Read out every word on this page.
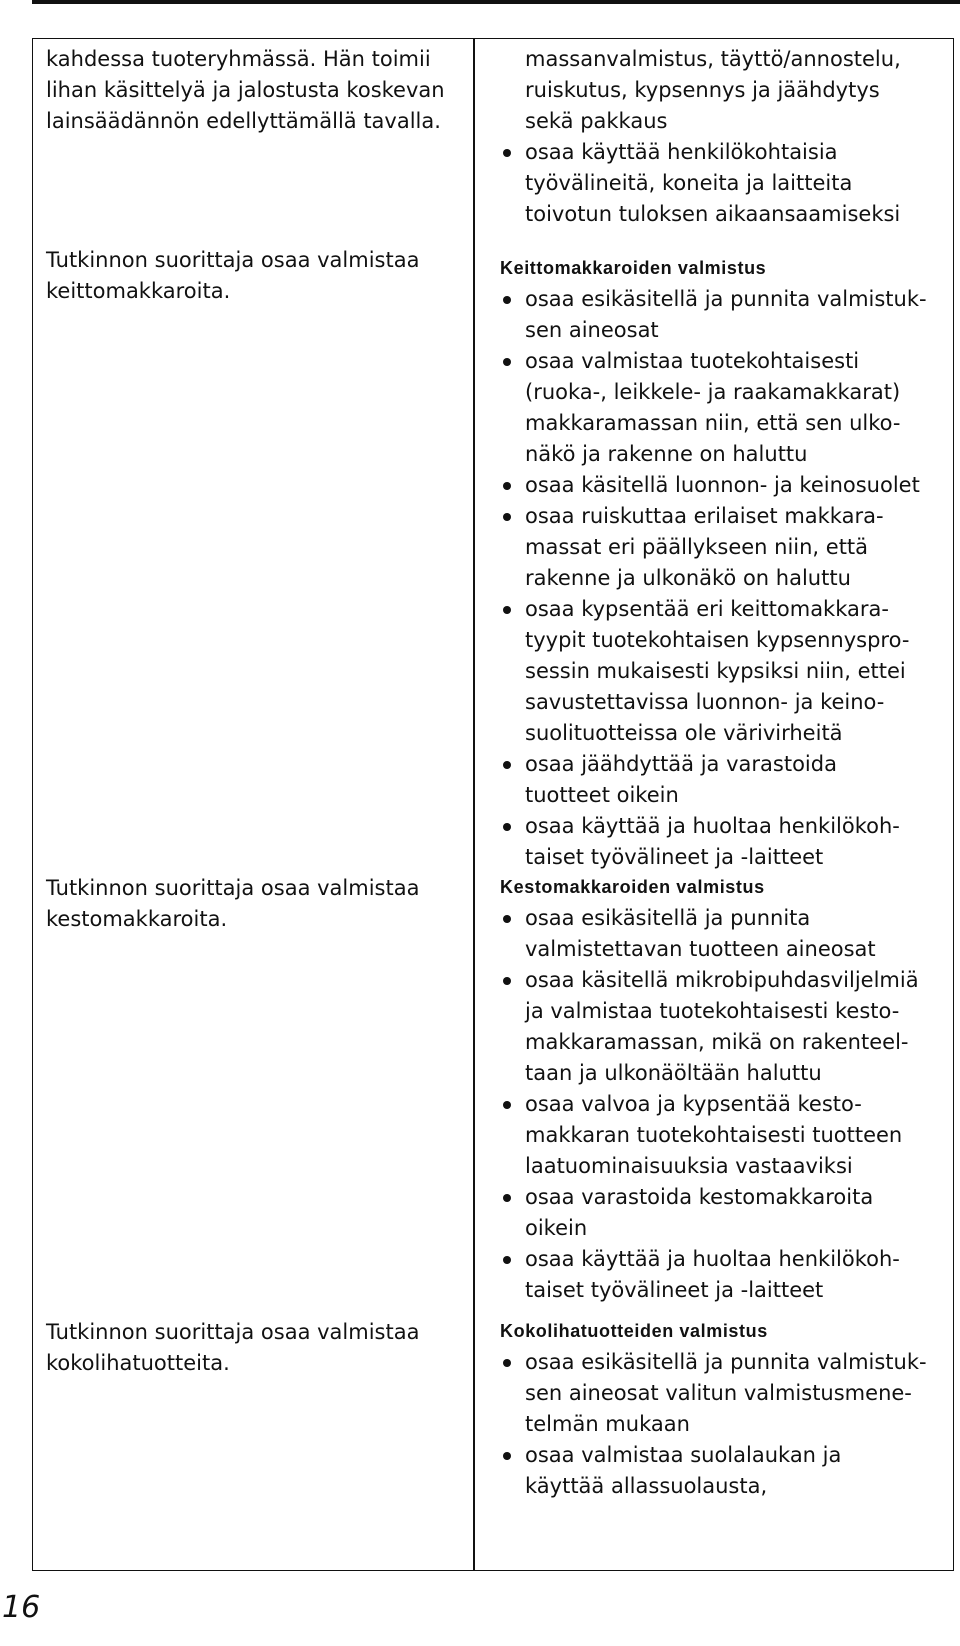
kahdessa tuoteryhmässä. Hän toimii
lihan käsittelyä ja jalostusta koskevan
lainsäädännön edellyttämällä tavalla.
Tutkinnon suorittaja osaa valmistaa
keittomakkaroita.
Tutkinnon suorittaja osaa valmistaa
kestomakkaroita.
Tutkinnon suorittaja osaa valmistaa
kokolihatuotteita.
massanvalmistus, täyttö/annostelu,
ruiskutus, kypsennys ja jäähdytys
sekä pakkaus
osaa käyttää henkilökohtaisia
työvälineitä, koneita ja laitteita
toivotun tuloksen aikaansaamiseksi
Keittomakkaroiden valmistus
osaa esikäsitellä ja punnita valmistuk-
sen aineosat
osaa valmistaa tuotekohtaisesti
(ruoka-, leikkele- ja raakamakkarat)
makkaramassan niin, että sen ulko-
näkö ja rakenne on haluttu
osaa käsitellä luonnon- ja keinosuolet
osaa ruiskuttaa erilaiset makkara-
massat eri päällykseen niin, että
rakenne ja ulkonäkö on haluttu
osaa kypsentää eri keittomakkara-
tyypit tuotekohtaisen kypsennyspro-
sessin mukaisesti kypsiksi niin, ettei
savustettavissa luonnon- ja keino-
suolituotteissa ole värivirheitä
osaa jäähdyttää ja varastoida
tuotteet oikein
osaa käyttää ja huoltaa henkilökoh-
taiset työvälineet ja -laitteet
Kestomakkaroiden valmistus
osaa esikäsitellä ja punnita
valmistettavan tuotteen aineosat
osaa käsitellä mikrobipuhdasviljelmiä
ja valmistaa tuotekohtaisesti kesto-
makkaramassan, mikä on rakenteel-
taan ja ulkonäöltään haluttu
osaa valvoa ja kypsentää kesto-
makkaran tuotekohtaisesti tuotteen
laatuominaisuuksia vastaaviksi
osaa varastoida kestomakkaroita
oikein
osaa käyttää ja huoltaa henkilökoh-
taiset työvälineet ja -laitteet
Kokolihatuotteiden valmistus
osaa esikäsitellä ja punnita valmistuk-
sen aineosat valitun valmistusmene-
telmän mukaan
osaa valmistaa suolalaukan ja
käyttää allassuolausta,
16
